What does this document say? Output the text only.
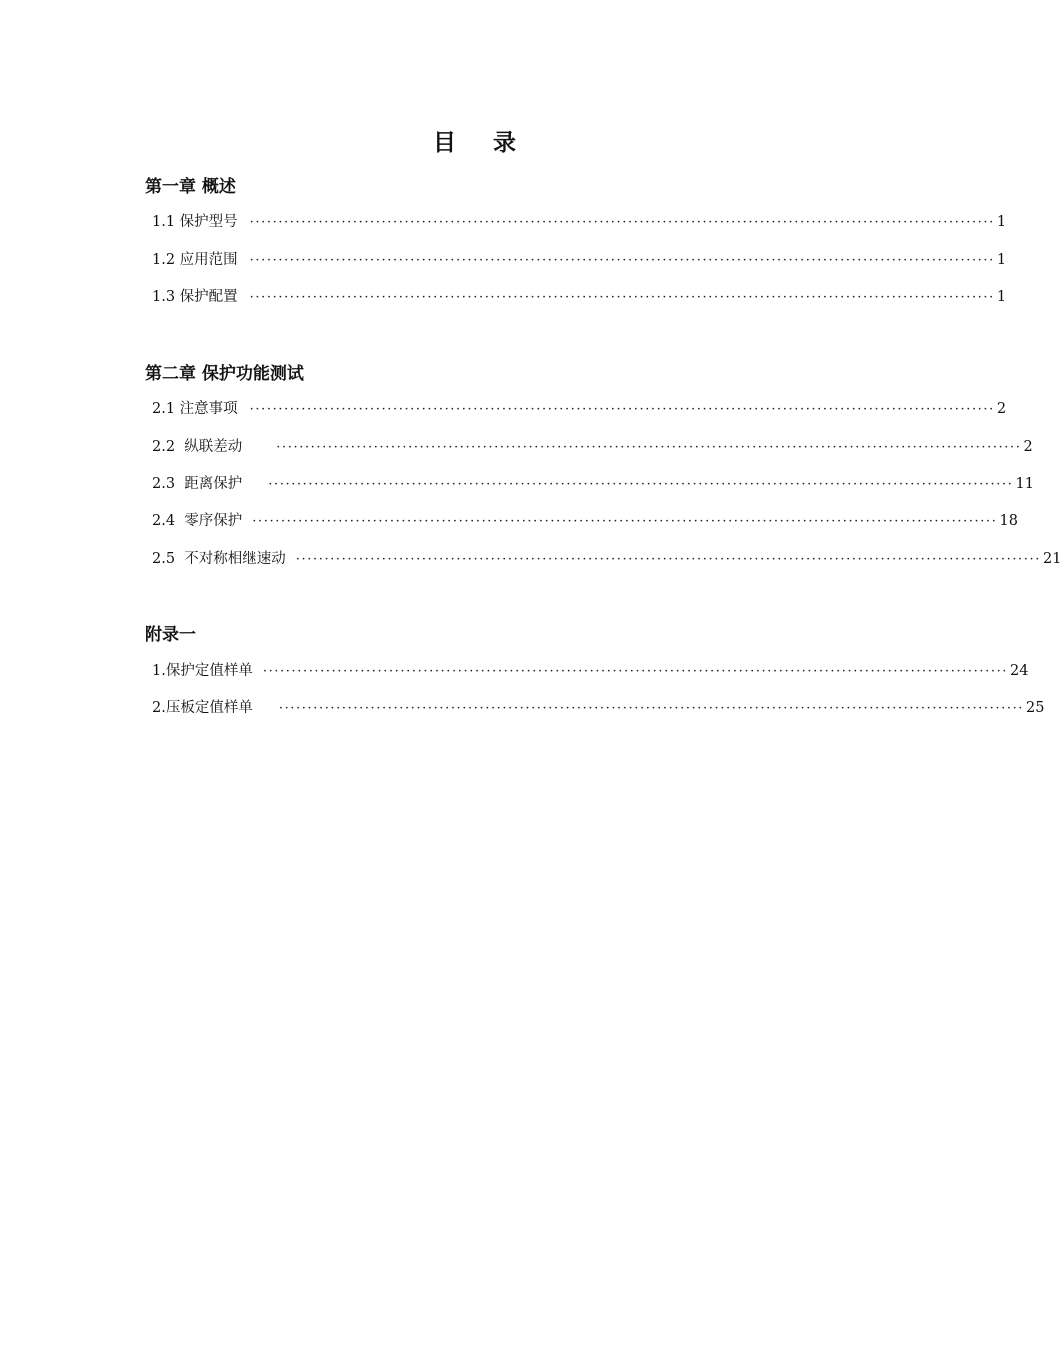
目 录
第一章 概述
1.1 保护型号 ·································································································································· 1
1.2 应用范围 ·································································································································· 1
1.3 保护配置 ·································································································································· 1
第二章 保护功能测试
2.1 注意事项 ·································································································································· 2
2.2  纵联差动	·································································································································· 2
2.3  距离保护 ·································································································································· 11
2.4  零序保护 ·································································································································· 18
2.5  不对称相继速动 ·································································································································· 21
附录一
1.保护定值样单 ·································································································································· 24
2.压板定值样单 ·································································································································· 25
